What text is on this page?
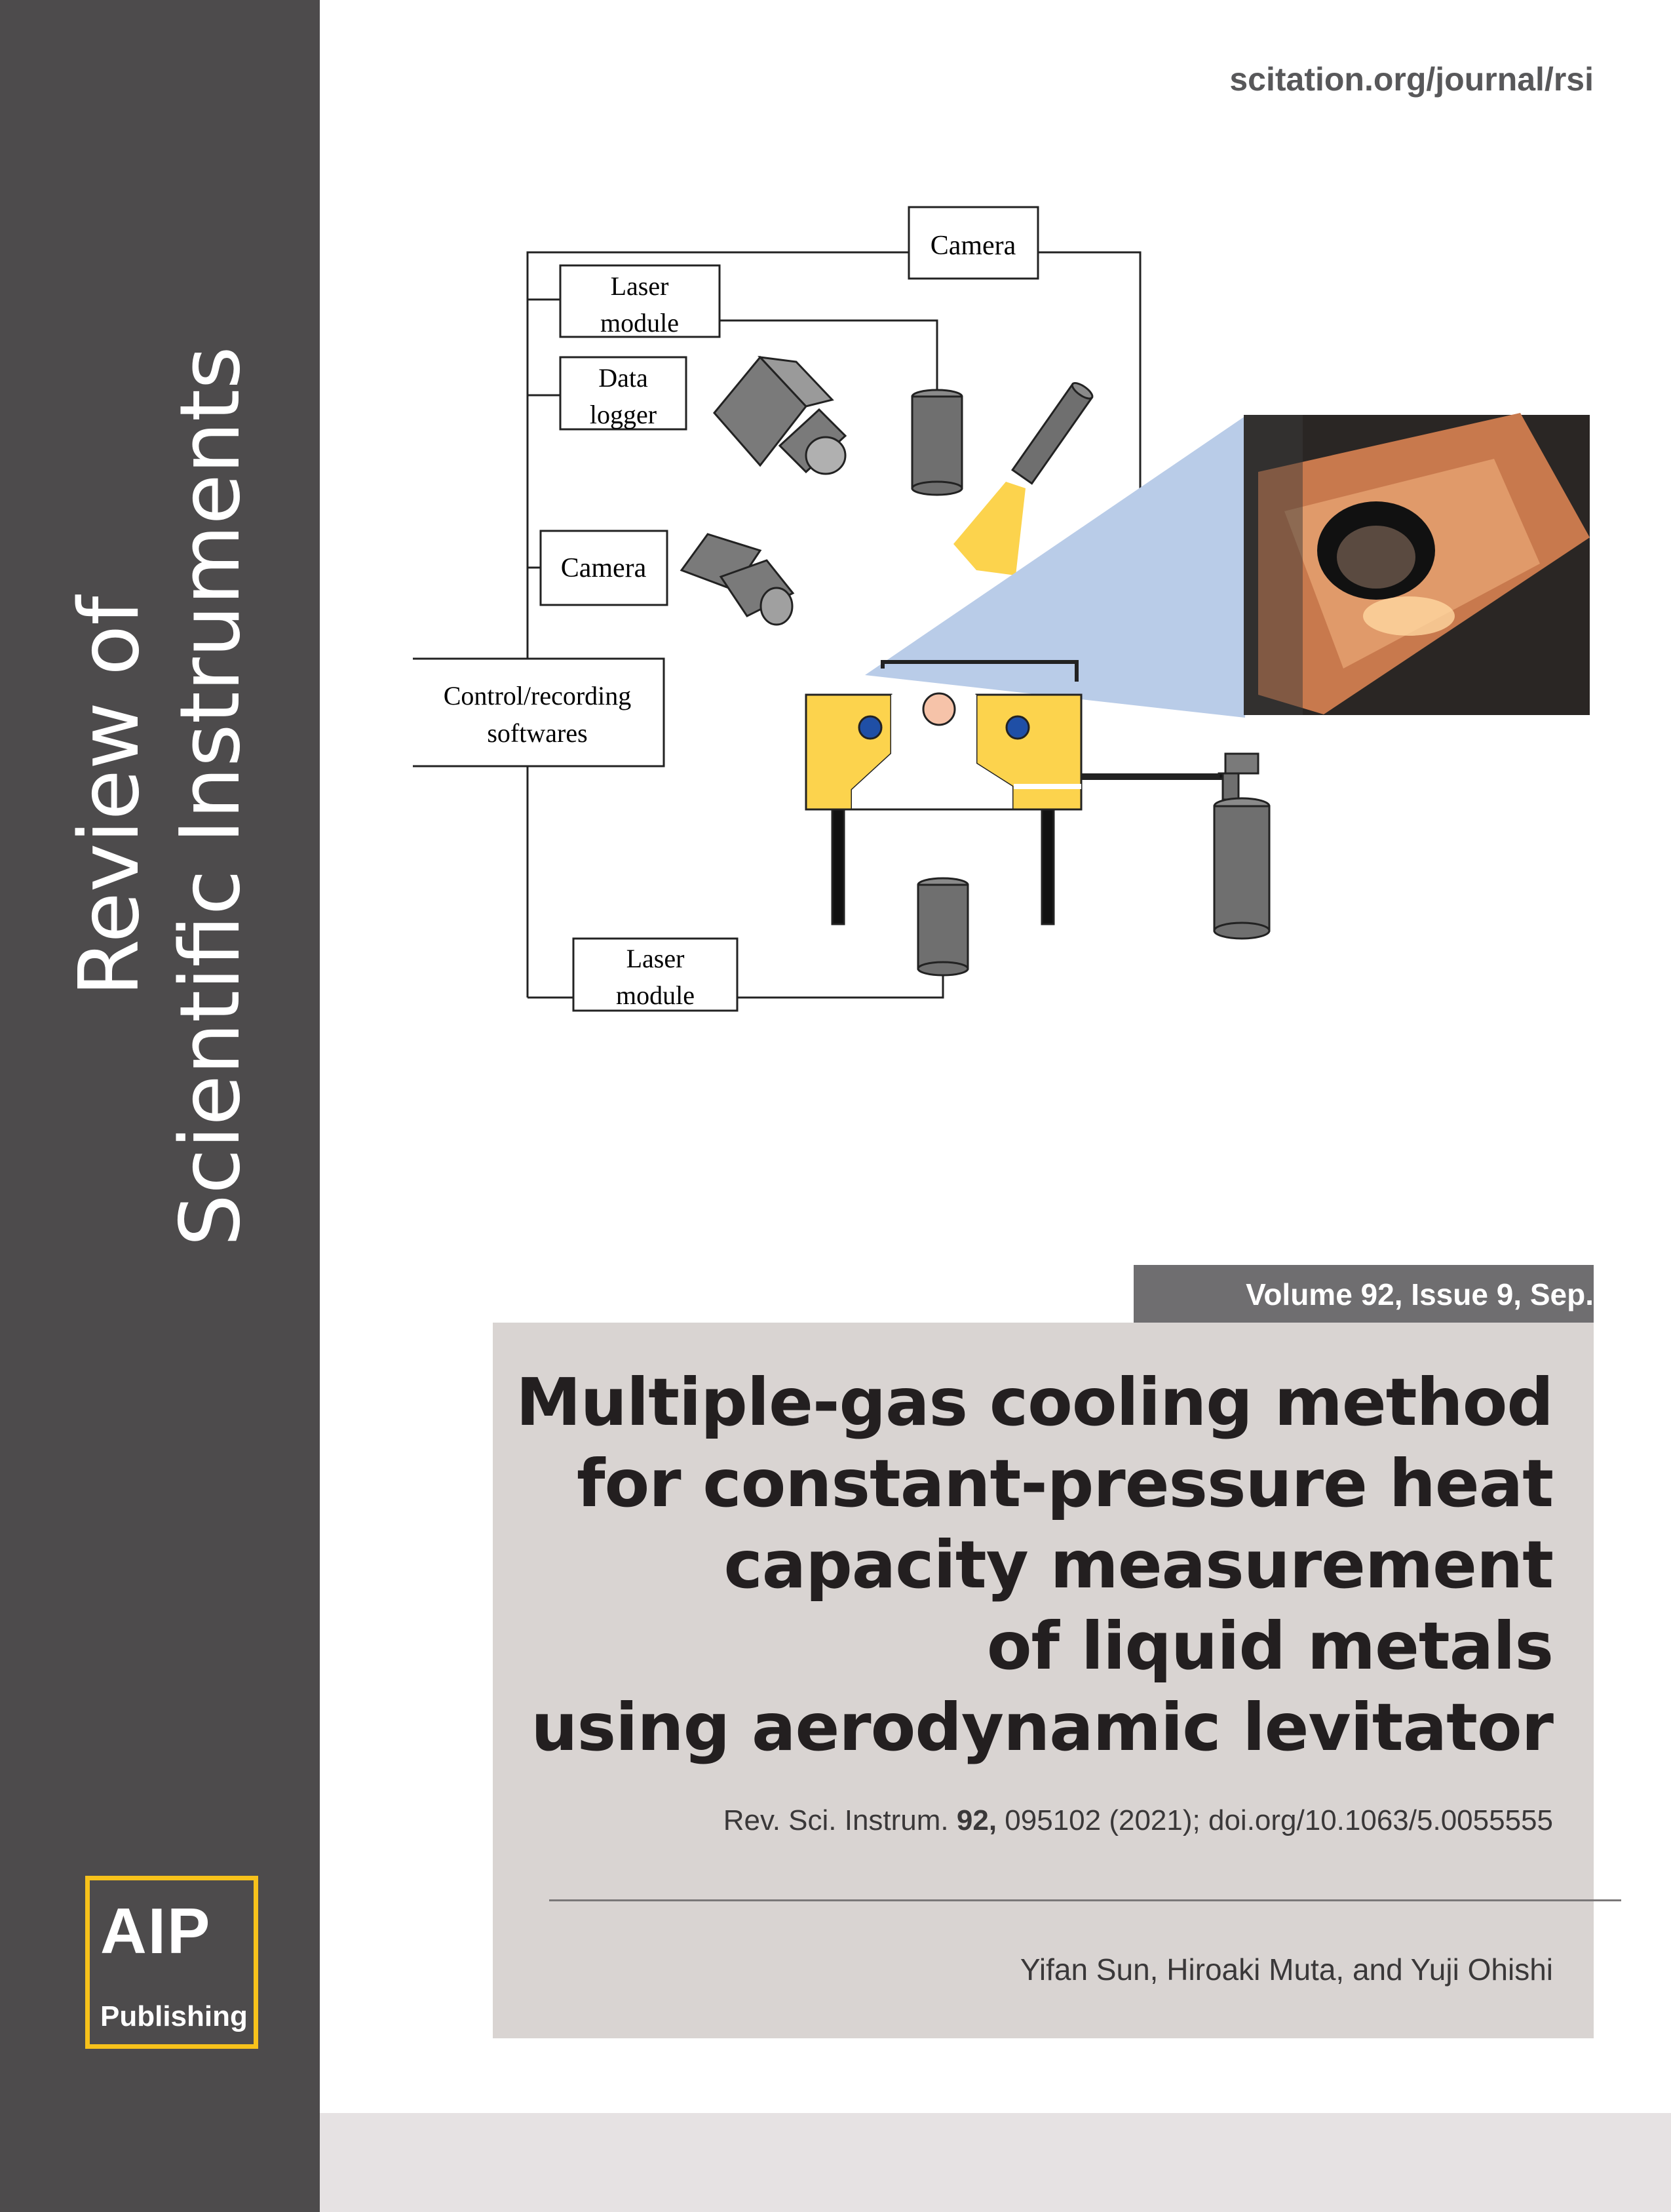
Review of Scientific Instruments
AIP
Publishing
scitation.org/journal/rsi
Camera
Laser
module
Data
logger
Camera
Control/recording
softwares
Laser
module
Volume 92, Issue 9, Sep.
Multiple-gas cooling method
for constant-pressure heat
capacity measurement
of liquid metals
using aerodynamic levitator
Rev. Sci. Instrum. 92, 095102 (2021); doi.org/10.1063/5.0055555
Yifan Sun, Hiroaki Muta, and Yuji Ohishi
